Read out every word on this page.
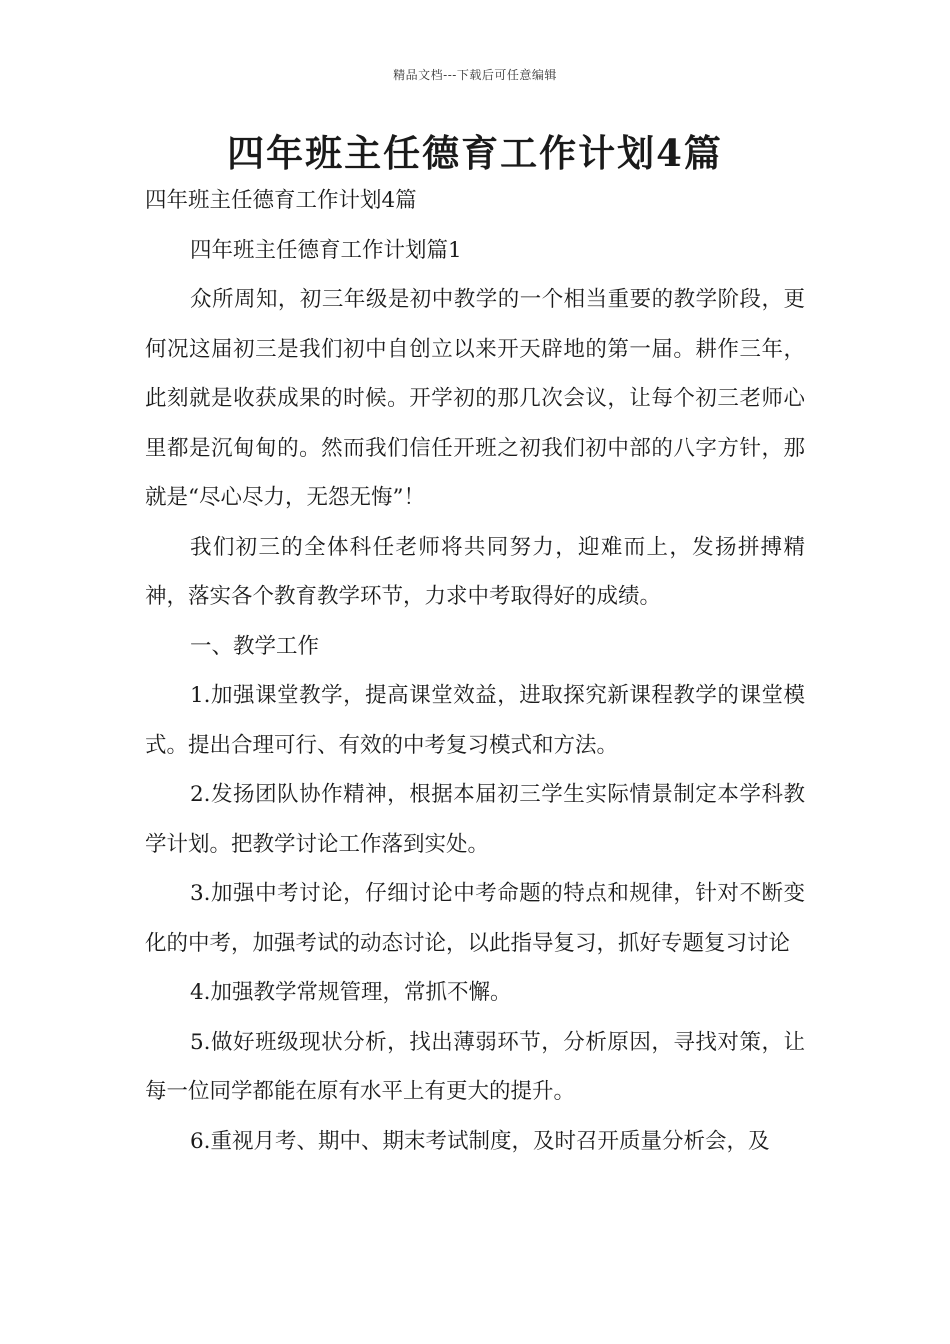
精品文档---下载后可任意编辑
四年班主任德育工作计划4篇

四年班主任德育工作计划4篇

四年班主任德育工作计划篇1

众所周知，初三年级是初中教学的一个相当重要的教学阶段，更何况这届初三是我们初中自创立以来开天辟地的第一届。耕作三年，此刻就是收获成果的时候。开学初的那几次会议，让每个初三老师心里都是沉甸甸的。然而我们信任开班之初我们初中部的八字方针，那就是“尽心尽力，无怨无悔”！

我们初三的全体科任老师将共同努力，迎难而上，发扬拼搏精神，落实各个教育教学环节，力求中考取得好的成绩。

一、教学工作

1.加强课堂教学，提高课堂效益，进取探究新课程教学的课堂模式。提出合理可行、有效的中考复习模式和方法。

2.发扬团队协作精神，根据本届初三学生实际情景制定本学科教学计划。把教学讨论工作落到实处。

3.加强中考讨论，仔细讨论中考命题的特点和规律，针对不断变化的中考，加强考试的动态讨论，以此指导复习，抓好专题复习讨论

4.加强教学常规管理，常抓不懈。

5.做好班级现状分析，找出薄弱环节，分析原因，寻找对策，让每一位同学都能在原有水平上有更大的提升。

6.重视月考、期中、期末考试制度，及时召开质量分析会，及
